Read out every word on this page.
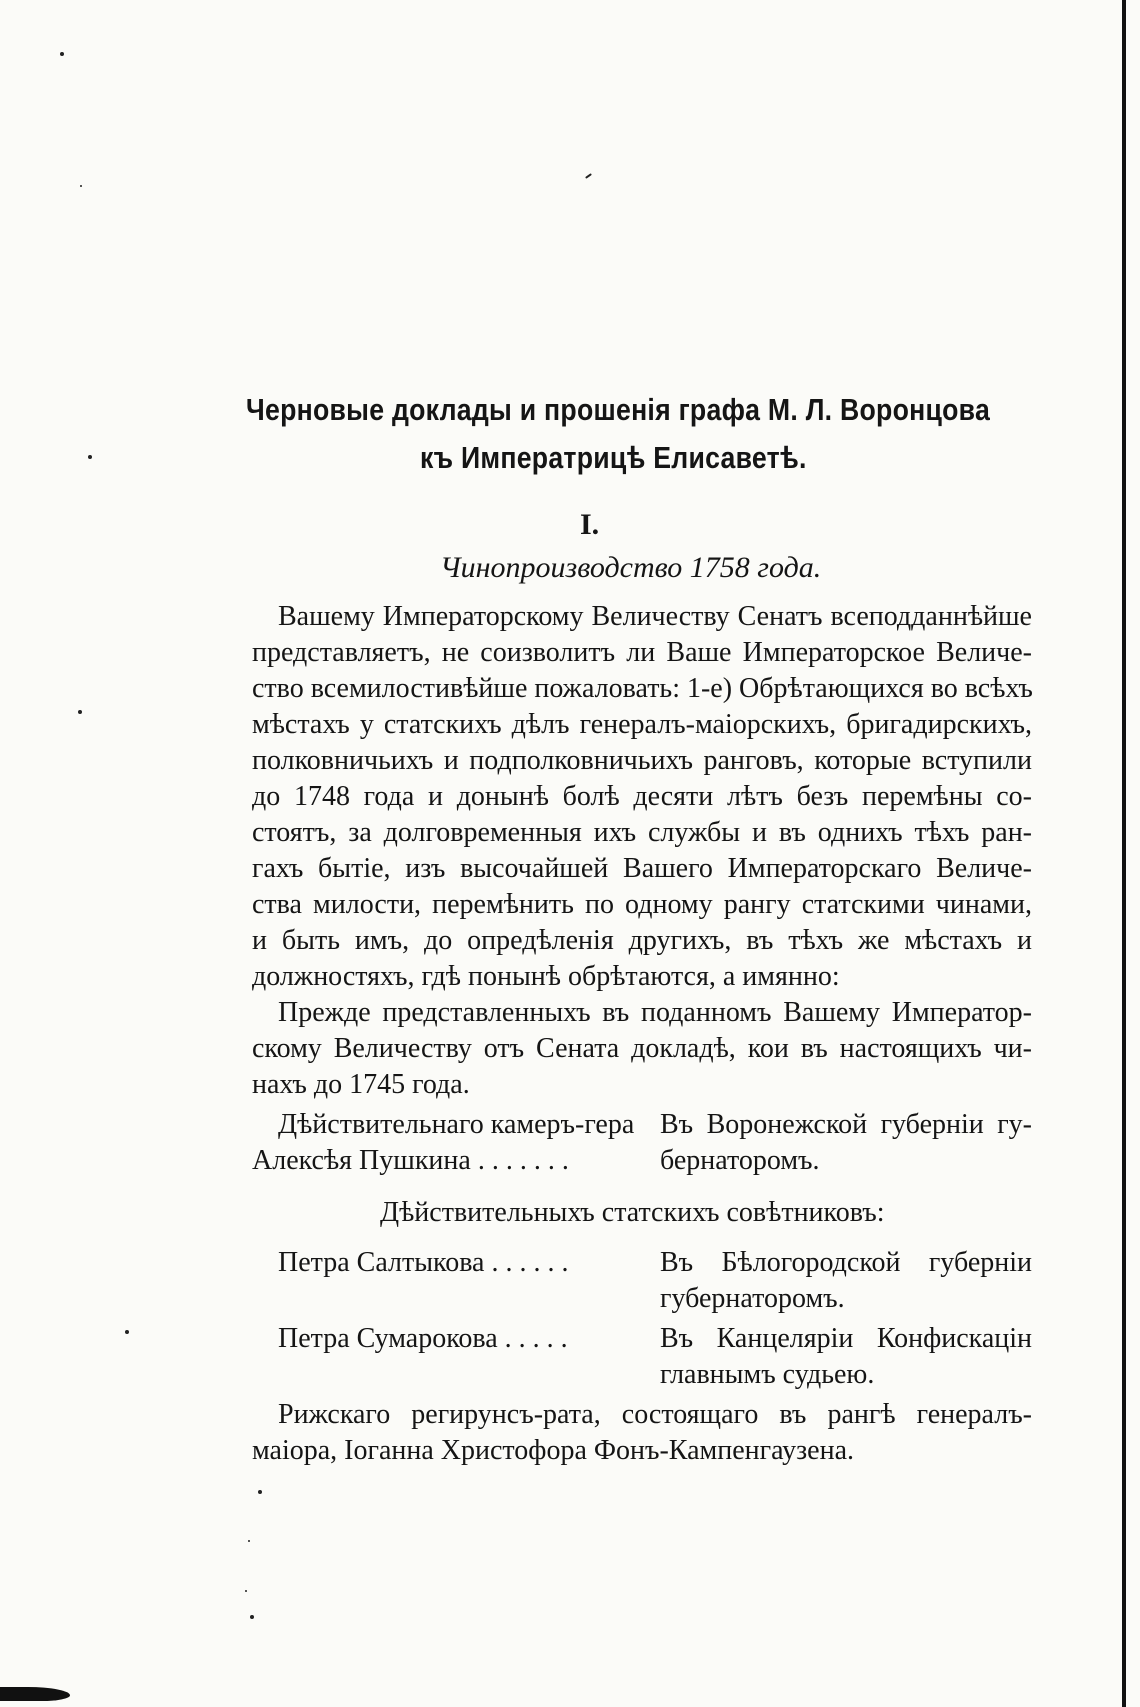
Черновые доклады и прошенія графа М. Л. Воронцова
къ Императрицѣ Елисаветѣ.
I.
Чинопроизводство 1758 года.
Вашему Императорскому Величеству Сенатъ всеподданнѣйше
представляетъ, не соизволитъ ли Ваше Императорское Величе-
ство всемилостивѣйше пожаловать: 1-е) Обрѣтающихся во всѣхъ
мѣстахъ у статскихъ дѣлъ генералъ-маіорскихъ, бригадирскихъ,
полковничьихъ и подполковничьихъ ранговъ, которые вступили
до 1748 года и донынѣ болѣ десяти лѣтъ безъ перемѣны со-
стоятъ, за долговременныя ихъ службы и въ однихъ тѣхъ ран-
гахъ бытіе, изъ высочайшей Вашего Императорскаго Величе-
ства милости, перемѣнить по одному рангу статскими чинами,
и быть имъ, до опредѣленія другихъ, въ тѣхъ же мѣстахъ и
должностяхъ, гдѣ понынѣ обрѣтаются, а имянно:
Прежде представленныхъ въ поданномъ Вашему Император-
скому Величеству отъ Сената докладѣ, кои въ настоящихъ чи-
нахъ до 1745 года.
Дѣйствительнаго камеръ-гера
Алексѣя Пушкина . . . . . . .
Въ Воронежской губерніи гу-
бернаторомъ.
Дѣйствительныхъ статскихъ совѣтниковъ:
Петра Салтыкова . . . . . .	Въ Бѣлогородской губерніи
губернаторомъ.
Петра Сумарокова . . . . .	Въ Канцеляріи Конфискацін
главнымъ судьею.
Рижскаго регирунсъ-рата, состоящаго въ рангѣ генералъ-
маіора, Іоганна Христофора Фонъ-Кампенгаузена.
